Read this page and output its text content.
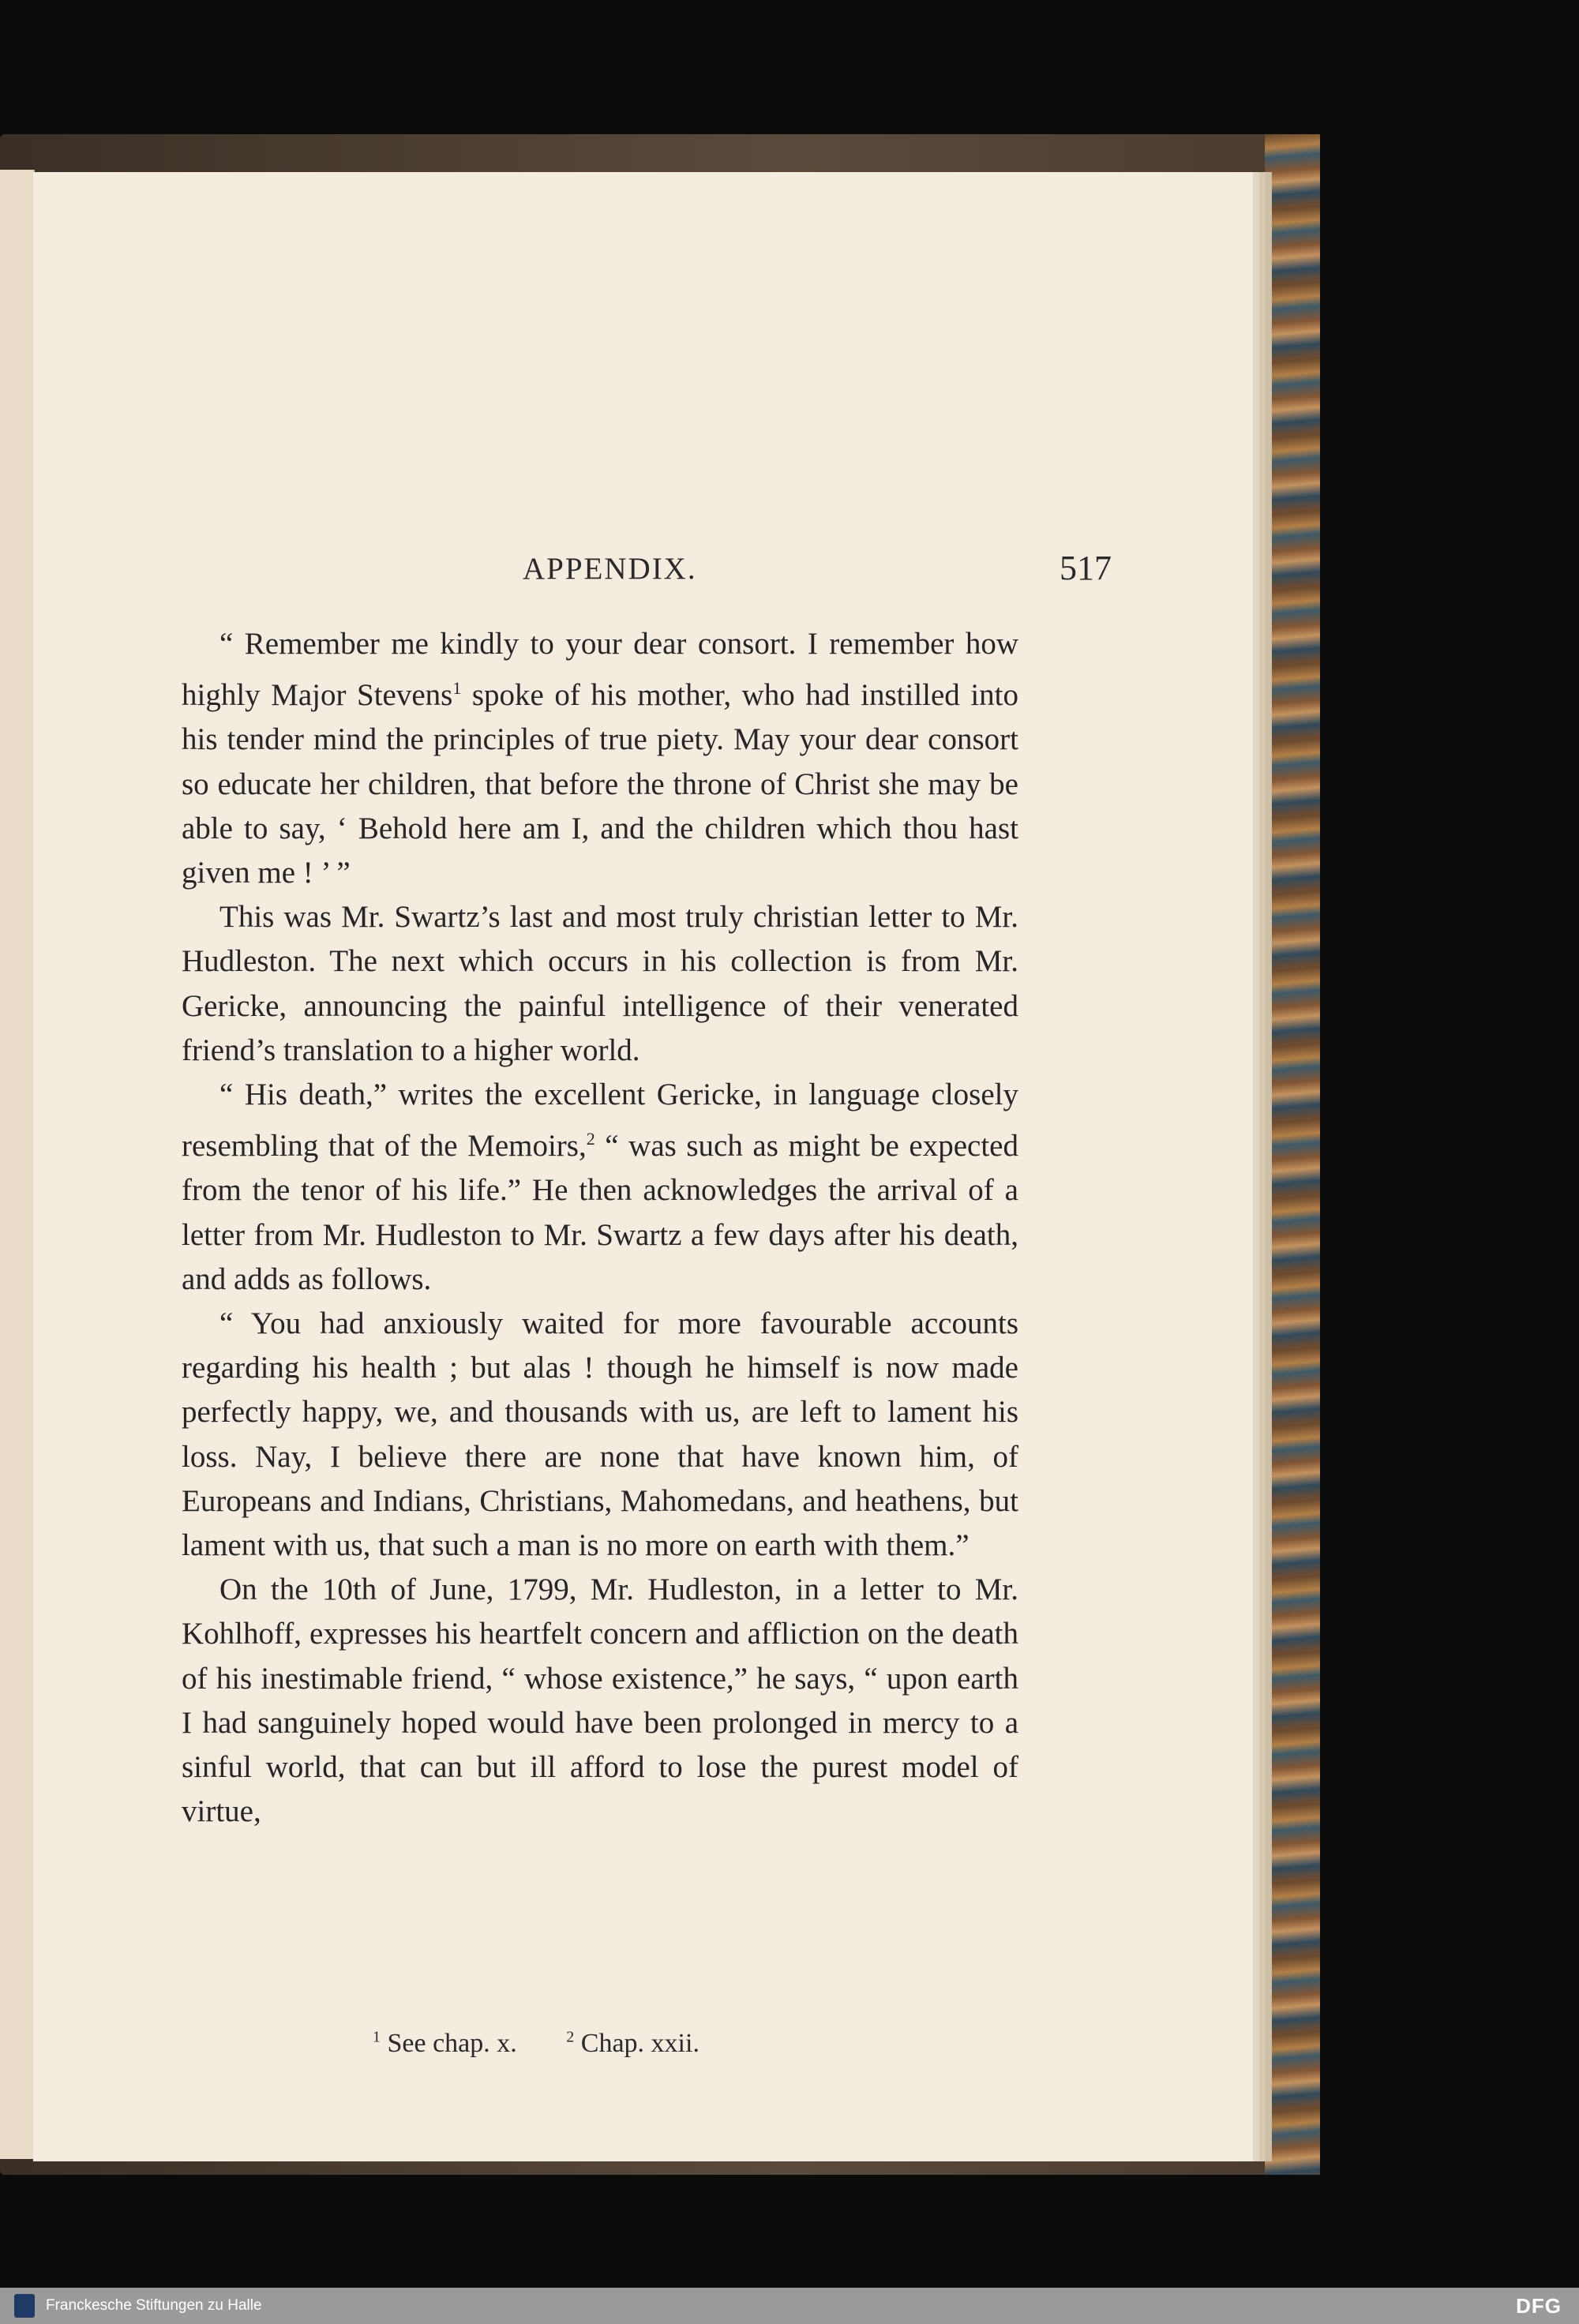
APPENDIX.	517

“ Remember me kindly to your dear consort. I remember how highly Major Stevens$^1$ spoke of his mother, who had instilled into his tender mind the principles of true piety. May your dear consort so educate her children, that before the throne of Christ she may be able to say, ‘ Behold here am I, and the children which thou hast given me ! ’ ”

This was Mr. Swartz’s last and most truly christian letter to Mr. Hudleston. The next which occurs in his collection is from Mr. Gericke, announcing the painful intelligence of their venerated friend’s translation to a higher world.

“ His death,” writes the excellent Gericke, in language closely resembling that of the Memoirs,$^2$ “ was such as might be expected from the tenor of his life.” He then acknowledges the arrival of a letter from Mr. Hudleston to Mr. Swartz a few days after his death, and adds as follows.

“ You had anxiously waited for more favourable accounts regarding his health ; but alas ! though he himself is now made perfectly happy, we, and thousands with us, are left to lament his loss. Nay, I believe there are none that have known him, of Europeans and Indians, Christians, Mahomedans, and heathens, but lament with us, that such a man is no more on earth with them.”

On the 10th of June, 1799, Mr. Hudleston, in a letter to Mr. Kohlhoff, expresses his heartfelt concern and affliction on the death of his inestimable friend, “ whose existence,” he says, “ upon earth I had sanguinely hoped would have been prolonged in mercy to a sinful world, that can but ill afford to lose the purest model of virtue,

$^1$ See chap. x.	$^2$ Chap. xxii.
Franckesche Stiftungen zu Halle	DFG
